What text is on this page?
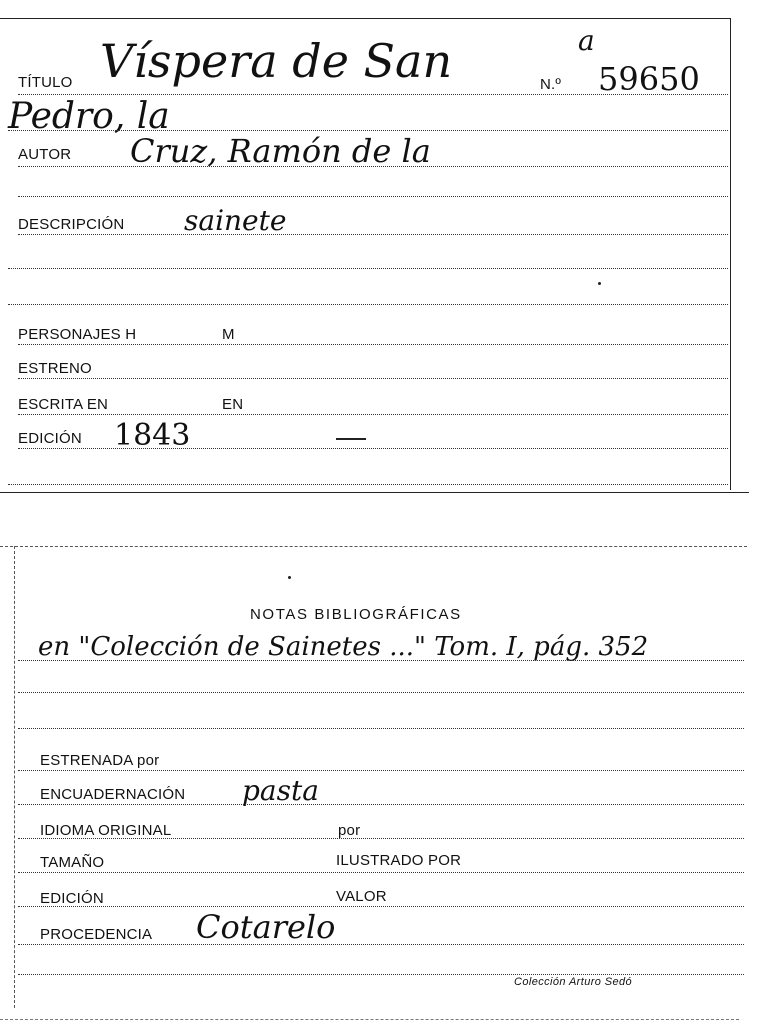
TÍTULO Víspera de San	N.º
a
59650
Pedro, la
AUTOR Cruz, Ramón de la
DESCRIPCIÓN sainete
PERSONAJES H	M
ESTRENO
ESCRITA EN	EN
EDICIÓN 1843
NOTAS BIBLIOGRÁFICAS
en "Colección de Sainetes ..." Tom. I, pág. 352
ESTRENADA por
ENCUADERNACIÓN pasta
IDIOMA ORIGINAL	por
TAMAÑO	ILUSTRADO POR
EDICIÓN	VALOR
PROCEDENCIA Cotarelo
Colección Arturo Sedó
